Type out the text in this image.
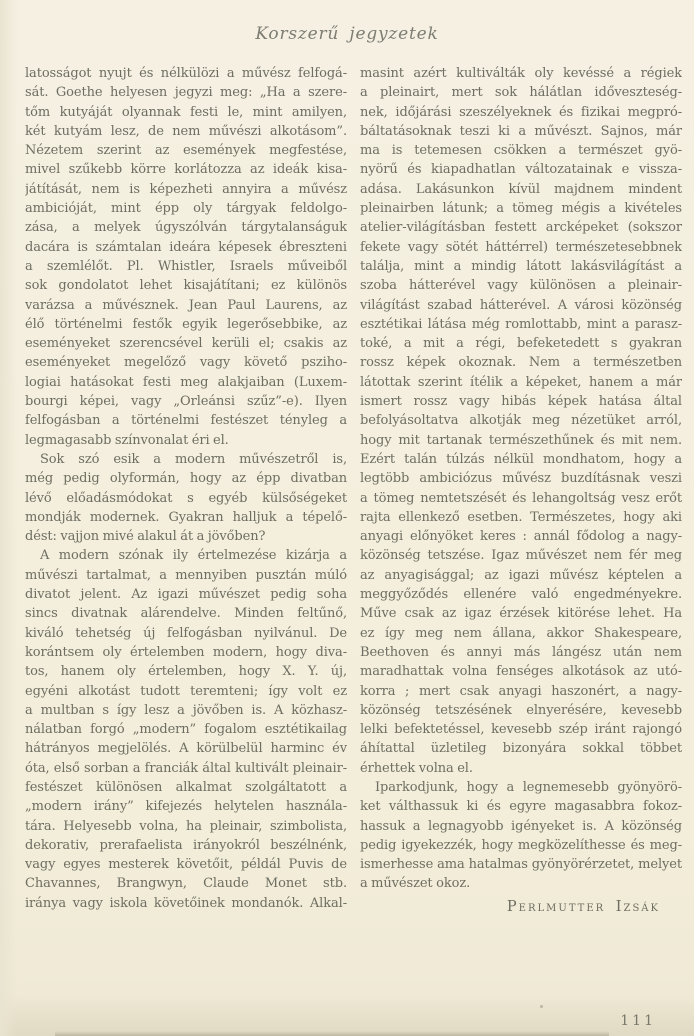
Korszerű jegyzetek
latosságot nyujt és nélkülözi a művész felfogá-
sát. Goethe helyesen jegyzi meg: „Ha a szere-
tőm kutyáját olyannak festi le, mint amilyen,
két kutyám lesz, de nem művészi alkotásom”.
Nézetem szerint az események megfestése,
mivel szűkebb körre korlátozza az ideák kisa-
játítását, nem is képezheti annyira a művész
ambicióját, mint épp oly tárgyak feldolgo-
zása, a melyek úgyszólván tárgytalanságuk
dacára is számtalan ideára képesek ébreszteni
a szemlélőt. Pl. Whistler, Israels műveiből
sok gondolatot lehet kisajátítani; ez különös
varázsa a művésznek. Jean Paul Laurens, az
élő történelmi festők egyik legerősebbike, az
eseményeket szerencsével kerüli el; csakis az
eseményeket megelőző vagy követő psziho-
logiai hatásokat festi meg alakjaiban (Luxem-
bourgi képei, vagy „Orleánsi szűz”-e). Ilyen
felfogásban a történelmi festészet tényleg a
legmagasabb színvonalat éri el.
Sok szó esik a modern művészetről is,
még pedig olyformán, hogy az épp divatban
lévő előadásmódokat s egyéb külsőségeket
mondják modernek. Gyakran halljuk a tépelő-
dést: vajjon mivé alakul át a jövőben?
A modern szónak ily értelmezése kizárja a
művészi tartalmat, a mennyiben pusztán múló
divatot jelent. Az igazi művészet pedig soha
sincs divatnak alárendelve. Minden feltűnő,
kiváló tehetség új felfogásban nyilvánul. De
korántsem oly értelemben modern, hogy diva-
tos, hanem oly értelemben, hogy X. Y. új,
egyéni alkotást tudott teremteni; így volt ez
a multban s így lesz a jövőben is. A közhasz-
nálatban forgó „modern” fogalom esztétikailag
hátrányos megjelölés. A körülbelül harminc év
óta, első sorban a franciák által kultivált pleinair-
festészet különösen alkalmat szolgáltatott a
„modern irány” kifejezés helytelen használa-
tára. Helyesebb volna, ha pleinair, szimbolista,
dekorativ, prerafaelista irányokról beszélnénk,
vagy egyes mesterek követőit, példál Puvis de
Chavannes, Brangwyn, Claude Monet stb.
iránya vagy iskola követőinek mondanók. Alkal-
masint azért kultiválták oly kevéssé a régiek
a pleinairt, mert sok hálátlan időveszteség-
nek, időjárási szeszélyeknek és fizikai megpró-
báltatásoknak teszi ki a művészt. Sajnos, már
ma is tetemesen csökken a természet gyö-
nyörű és kiapadhatlan változatainak e vissza-
adása. Lakásunkon kívül majdnem mindent
pleinairben látunk; a tömeg mégis a kivételes
atelier-világításban festett arcképeket (sokszor
fekete vagy sötét háttérrel) természetesebbnek
találja, mint a mindig látott lakásvilágítást a
szoba hátterével vagy különösen a pleinair-
világítást szabad hátterével. A városi közönség
esztétikai látása még romlottabb, mint a parasz-
toké, a mit a régi, befeketedett s gyakran
rossz képek okoznak. Nem a természetben
látottak szerint ítélik a képeket, hanem a már
ismert rossz vagy hibás képek hatása által
befolyásoltatva alkotják meg nézetüket arról,
hogy mit tartanak természethűnek és mit nem.
Ezért talán túlzás nélkül mondhatom, hogy a
legtöbb ambiciózus művész buzdításnak veszi
a tömeg nemtetszését és lehangoltság vesz erőt
rajta ellenkező esetben. Természetes, hogy aki
anyagi előnyöket keres : annál fődolog a nagy-
közönség tetszése. Igaz művészet nem fér meg
az anyagisággal; az igazi művész képtelen a
meggyőződés ellenére való engedményekre.
Műve csak az igaz érzések kitörése lehet. Ha
ez így meg nem állana, akkor Shakespeare,
Beethoven és annyi más lángész után nem
maradhattak volna fenséges alkotások az utó-
korra ; mert csak anyagi haszonért, a nagy-
közönség tetszésének elnyerésére, kevesebb
lelki befektetéssel, kevesebb szép iránt rajongó
áhítattal üzletileg bizonyára sokkal többet
érhettek volna el.
Iparkodjunk, hogy a legnemesebb gyönyörö-
ket válthassuk ki és egyre magasabbra fokoz-
hassuk a legnagyobb igényeket is. A közönség
pedig igyekezzék, hogy megközelíthesse és meg-
ismerhesse ama hatalmas gyönyörérzetet, melyet
a művészet okoz.
Perlmutter Izsák
111
